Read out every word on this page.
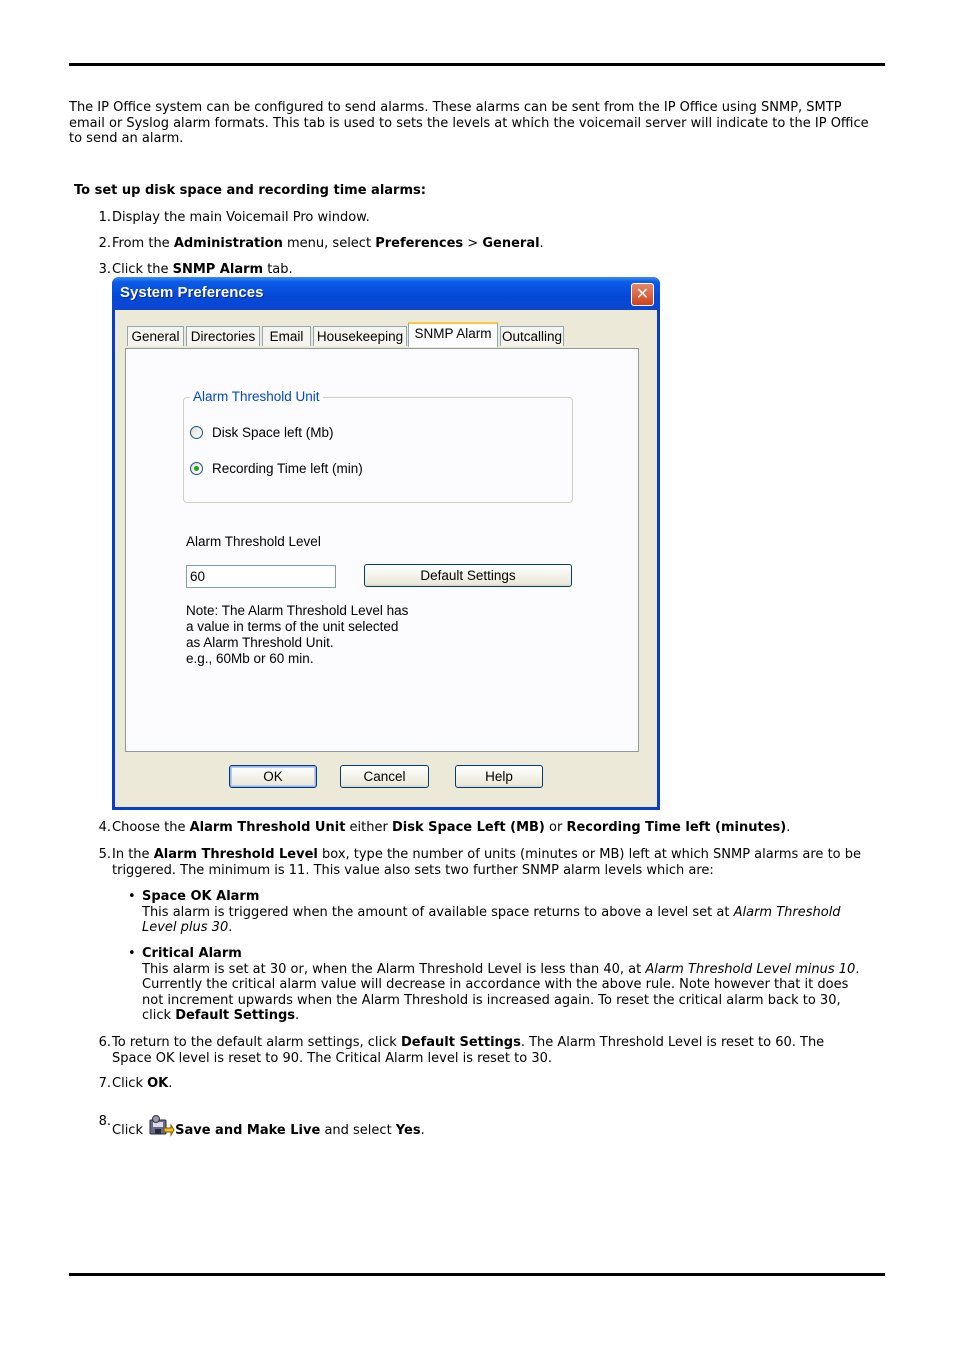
The IP Office system can be configured to send alarms. These alarms can be sent from the IP Office using SNMP, SMTP email or Syslog alarm formats. This tab is used to sets the levels at which the voicemail server will indicate to the IP Office to send an alarm.

To set up disk space and recording time alarms:
1. Display the main Voicemail Pro window.
2. From the Administration menu, select Preferences > General.
3. Click the SNMP Alarm tab.
System Preferences	✕
General Directories	Email Housekeeping SNMP Alarm Outcalling
Alarm Threshold Unit
Disk Space left (Mb)
Recording Time left (min)
Alarm Threshold Level
60	Default Settings
Note: The Alarm Threshold Level has
a value in terms of the unit selected
as Alarm Threshold Unit.
e.g., 60Mb or 60 min.
OK	Cancel	Help
4. Choose the Alarm Threshold Unit either Disk Space Left (MB) or Recording Time left (minutes).
5. In the Alarm Threshold Level box, type the number of units (minutes or MB) left at which SNMP alarms are to be triggered. The minimum is 11. This value also sets two further SNMP alarm levels which are:
• Space OK Alarm
This alarm is triggered when the amount of available space returns to above a level set at Alarm Threshold Level plus 30.
• Critical Alarm
This alarm is set at 30 or, when the Alarm Threshold Level is less than 40, at Alarm Threshold Level minus 10. Currently the critical alarm value will decrease in accordance with the above rule. Note however that it does not increment upwards when the Alarm Threshold is increased again. To reset the critical alarm back to 30, click Default Settings.
6. To return to the default alarm settings, click Default Settings. The Alarm Threshold Level is reset to 60. The Space OK level is reset to 90. The Critical Alarm level is reset to 30.
7. Click OK.
8.
Click Save and Make Live and select Yes.
